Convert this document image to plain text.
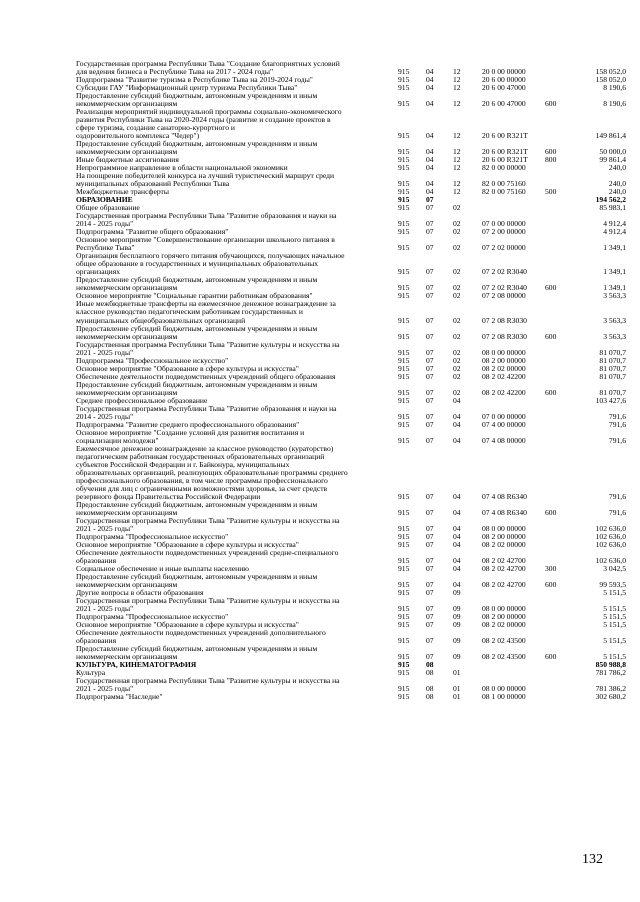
Государственная программа Республики Тыва "Создание благоприятных условий
для ведения бизнеса в Республике Тыва на 2017 - 2024 годы"	915 04	12	20 0 00 00000	158 052,0
Подпрограмма "Развитие туризма в Республике Тыва на 2019-2024 годы"	915 04	12	20 6 00 00000	158 052,0
Субсидии ГАУ "Информационный центр туризма Республики Тыва"	915 04	12	20 6 00 47000	8 190,6
Предоставление субсидий бюджетным, автономным учреждениям и иным
некоммерческим организациям	915 04	12	20 6 00 47000	600	8 190,6
Реализация мероприятий индивидуальной программы социально-экономического
развития Республики Тыва на 2020-2024 годы (развитие и создание проектов в
сфере туризма, создание санаторно-курортного и
оздоровительного комплекса "Чедер")	915 04	12	20 6 00 R321Т	149 861,4
Предоставление субсидий бюджетным, автономным учреждениям и иным
некоммерческим организациям	915 04	12	20 6 00 R321Т 600	50 000,0
Иные бюджетные ассигнования	915 04	12	20 6 00 R321Т 800	99 861,4
Непрограммное направление в области национальной экономики	915 04	12	82 0 00 00000	240,0
На поощрение победителей конкурса на лучший туристический маршрут среди
муниципальных образований Республики Тыва	915 04	12	82 0 00 75160	240,0
Межбюджетные трансферты	915 04	12	82 0 00 75160	500	240,0
ОБРАЗОВАНИЕ	915 07	194 562,2
Общее образование	915 07	02	85 983,1
Государственная программа Республики Тыва "Развитие образования и науки на
2014 - 2025 годы"	915 07	02	07 0 00 00000	4 912,4
Подпрограмма "Развитие общего образования"	915 07	02	07 2 00 00000	4 912,4
Основное мероприятие "Совершенствование организации школьного питания в
Республике Тыва"	915 07	02	07 2 02 00000	1 349,1
Организация бесплатного горячего питания обучающихся, получающих начальное
общее образование в государственных и муниципальных образовательных
организациях	915 07	02	07 2 02 R3040	1 349,1
Предоставление субсидий бюджетным, автономным учреждениям и иным
некоммерческим организациям	915 07	02	07 2 02 R3040 600	1 349,1
Основное мероприятие "Социальные гарантии работникам образования"	915 07	02	07 2 08 00000	3 563,3
Иные межбюджетные трансферты на ежемесячное денежное вознаграждение за
классное руководство педагогическим работникам государственных и
муниципальных общеобразовательных организаций	915 07	02	07 2 08 R3030	3 563,3
Предоставление субсидий бюджетным, автономным учреждениям и иным
некоммерческим организациям	915 07	02	07 2 08 R3030 600	3 563,3
Государственная программа Республики Тыва "Развитие культуры и искусства на
2021 - 2025 годы"	915 07	02	08 0 00 00000	81 070,7
Подпрограмма "Профессиональное искусство"	915 07	02	08 2 00 00000	81 070,7
Основное мероприятие "Образование в сфере культуры и искусства"	915 07	02	08 2 02 00000	81 070,7
Обеспечение деятельности подведомственных учреждений общего образования	915 07	02	08 2 02 42200	81 070,7
Предоставление субсидий бюджетным, автономным учреждениям и иным
некоммерческим организациям	915 07	02	08 2 02 42200	600	81 070,7
Среднее профессиональное образование	915 07	04	103 427,6
Государственная программа Республики Тыва "Развитие образования и науки на
2014 - 2025 годы"	915 07	04	07 0 00 00000	791,6
Подпрограмма "Развитие среднего профессионального образования"	915 07	04	07 4 00 00000	791,6
Основное мероприятие "Создание условий для развития воспитания и
социализации молодежи"	915 07	04	07 4 08 00000	791,6
Ежемесячное денежное вознаграждение за классное руководство (кураторство)
педагогическим работникам государственных образовательных организаций
субъектов Российской Федерации и г. Байконура, муниципальных
образовательных организаций, реализующих образовательные программы среднего
профессионального образования, в том числе программы профессионального
обучения для лиц с ограниченными возможностями здоровья, за счет средств
резервного фонда Правительства Российской Федерации	915 07	04	07 4 08 R6340	791,6
Предоставление субсидий бюджетным, автономным учреждениям и иным
некоммерческим организациям	915 07	04	07 4 08 R6340 600	791,6
Государственная программа Республики Тыва "Развитие культуры и искусства на
2021 - 2025 годы"	915 07	04	08 0 00 00000	102 636,0
Подпрограмма "Профессиональное искусство"	915 07	04	08 2 00 00000	102 636,0
Основное мероприятие "Образование в сфере культуры и искусства"	915 07	04	08 2 02 00000	102 636,0
Обеспечение деятельности подведомственных учреждений средне-специального
образования	915 07	04	08 2 02 42700	102 636,0
Социальное обеспечение и иные выплаты населению	915 07	04	08 2 02 42700	300	3 042,5
Предоставление субсидий бюджетным, автономным учреждениям и иным
некоммерческим организациям	915 07	04	08 2 02 42700	600	99 593,5
Другие вопросы в области образования	915 07	09	5 151,5
Государственная программа Республики Тыва "Развитие культуры и искусства на
2021 - 2025 годы"	915 07	09	08 0 00 00000	5 151,5
Подпрограмма "Профессиональное искусство"	915 07	09	08 2 00 00000	5 151,5
Основное мероприятие "Образование в сфере культуры и искусства"	915 07	09	08 2 02 00000	5 151,5
Обеспечение деятельности подведомственных учреждений дополнительного
образования	915 07	09	08 2 02 43500	5 151,5
Предоставление субсидий бюджетным, автономным учреждениям и иным
некоммерческим организациям	915 07	09	08 2 02 43500	600	5 151,5
КУЛЬТУРА, КИНЕМАТОГРАФИЯ	915 08	850 988,8
Культура	915 08	01	781 786,2
Государственная программа Республики Тыва "Развитие культуры и искусства на
2021 - 2025 годы"	915 08	01	08 0 00 00000	781 386,2
Подпрограмма "Наследие"	915 08	01	08 1 00 00000	302 680,2
132
